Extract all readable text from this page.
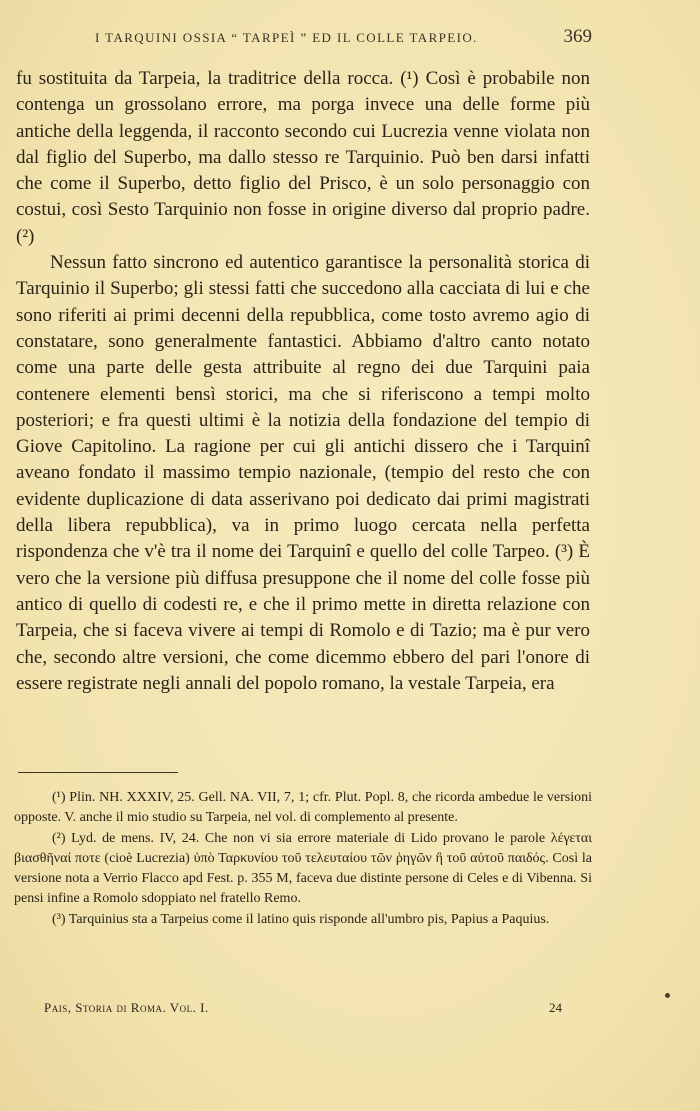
I TARQUINI OSSIA “ TARPEÌ ” ED IL COLLE TARPEIO.	369

fu sostituita da Tarpeia, la traditrice della rocca. (¹) Così è probabile non contenga un grossolano errore, ma porga invece una delle forme più antiche della leggenda, il racconto secondo cui Lucrezia venne violata non dal figlio del Superbo, ma dallo stesso re Tarquinio. Può ben darsi infatti che come il Superbo, detto figlio del Prisco, è un solo personaggio con costui, così Sesto Tarquinio non fosse in origine diverso dal proprio padre. (²)

Nessun fatto sincrono ed autentico garantisce la personalità storica di Tarquinio il Superbo; gli stessi fatti che succedono alla cacciata di lui e che sono riferiti ai primi decenni della repubblica, come tosto avremo agio di constatare, sono generalmente fantastici. Abbiamo d'altro canto notato come una parte delle gesta attribuite al regno dei due Tarquini paia contenere elementi bensì storici, ma che si riferiscono a tempi molto posteriori; e fra questi ultimi è la notizia della fondazione del tempio di Giove Capitolino. La ragione per cui gli antichi dissero che i Tarquinî aveano fondato il massimo tempio nazionale, (tempio del resto che con evidente duplicazione di data asserivano poi dedicato dai primi magistrati della libera repubblica), va in primo luogo cercata nella perfetta rispondenza che v'è tra il nome dei Tarquinî e quello del colle Tarpeo. (³) È vero che la versione più diffusa presuppone che il nome del colle fosse più antico di quello di codesti re, e che il primo mette in diretta relazione con Tarpeia, che si faceva vivere ai tempi di Romolo e di Tazio; ma è pur vero che, secondo altre versioni, che come dicemmo ebbero del pari l'onore di essere registrate negli annali del popolo romano, la vestale Tarpeia, era

(¹) Plin. NH. XXXIV, 25. Gell. NA. VII, 7, 1; cfr. Plut. Popl. 8, che ricorda ambedue le versioni opposte. V. anche il mio studio su Tarpeia, nel vol. di complemento al presente.

(²) Lyd. de mens. IV, 24. Che non vi sia errore materiale di Lido provano le parole λέγεται βιασθῆναί ποτε (cioè Lucrezia) ὑπὸ Ταρκυνίου τοῦ τελευταίου τῶν ῥηγῶν ἢ τοῦ αὐτοῦ παιδός. Così la versione nota a Verrio Flacco apd Fest. p. 355 M, faceva due distinte persone di Celes e di Vibenna. Si pensi infine a Romolo sdoppiato nel fratello Remo.

(³) Tarquinius sta a Tarpeius come il latino quis risponde all'umbro pis, Papius a Paquius.

Pais, Storia di Roma. Vol. I.	24
